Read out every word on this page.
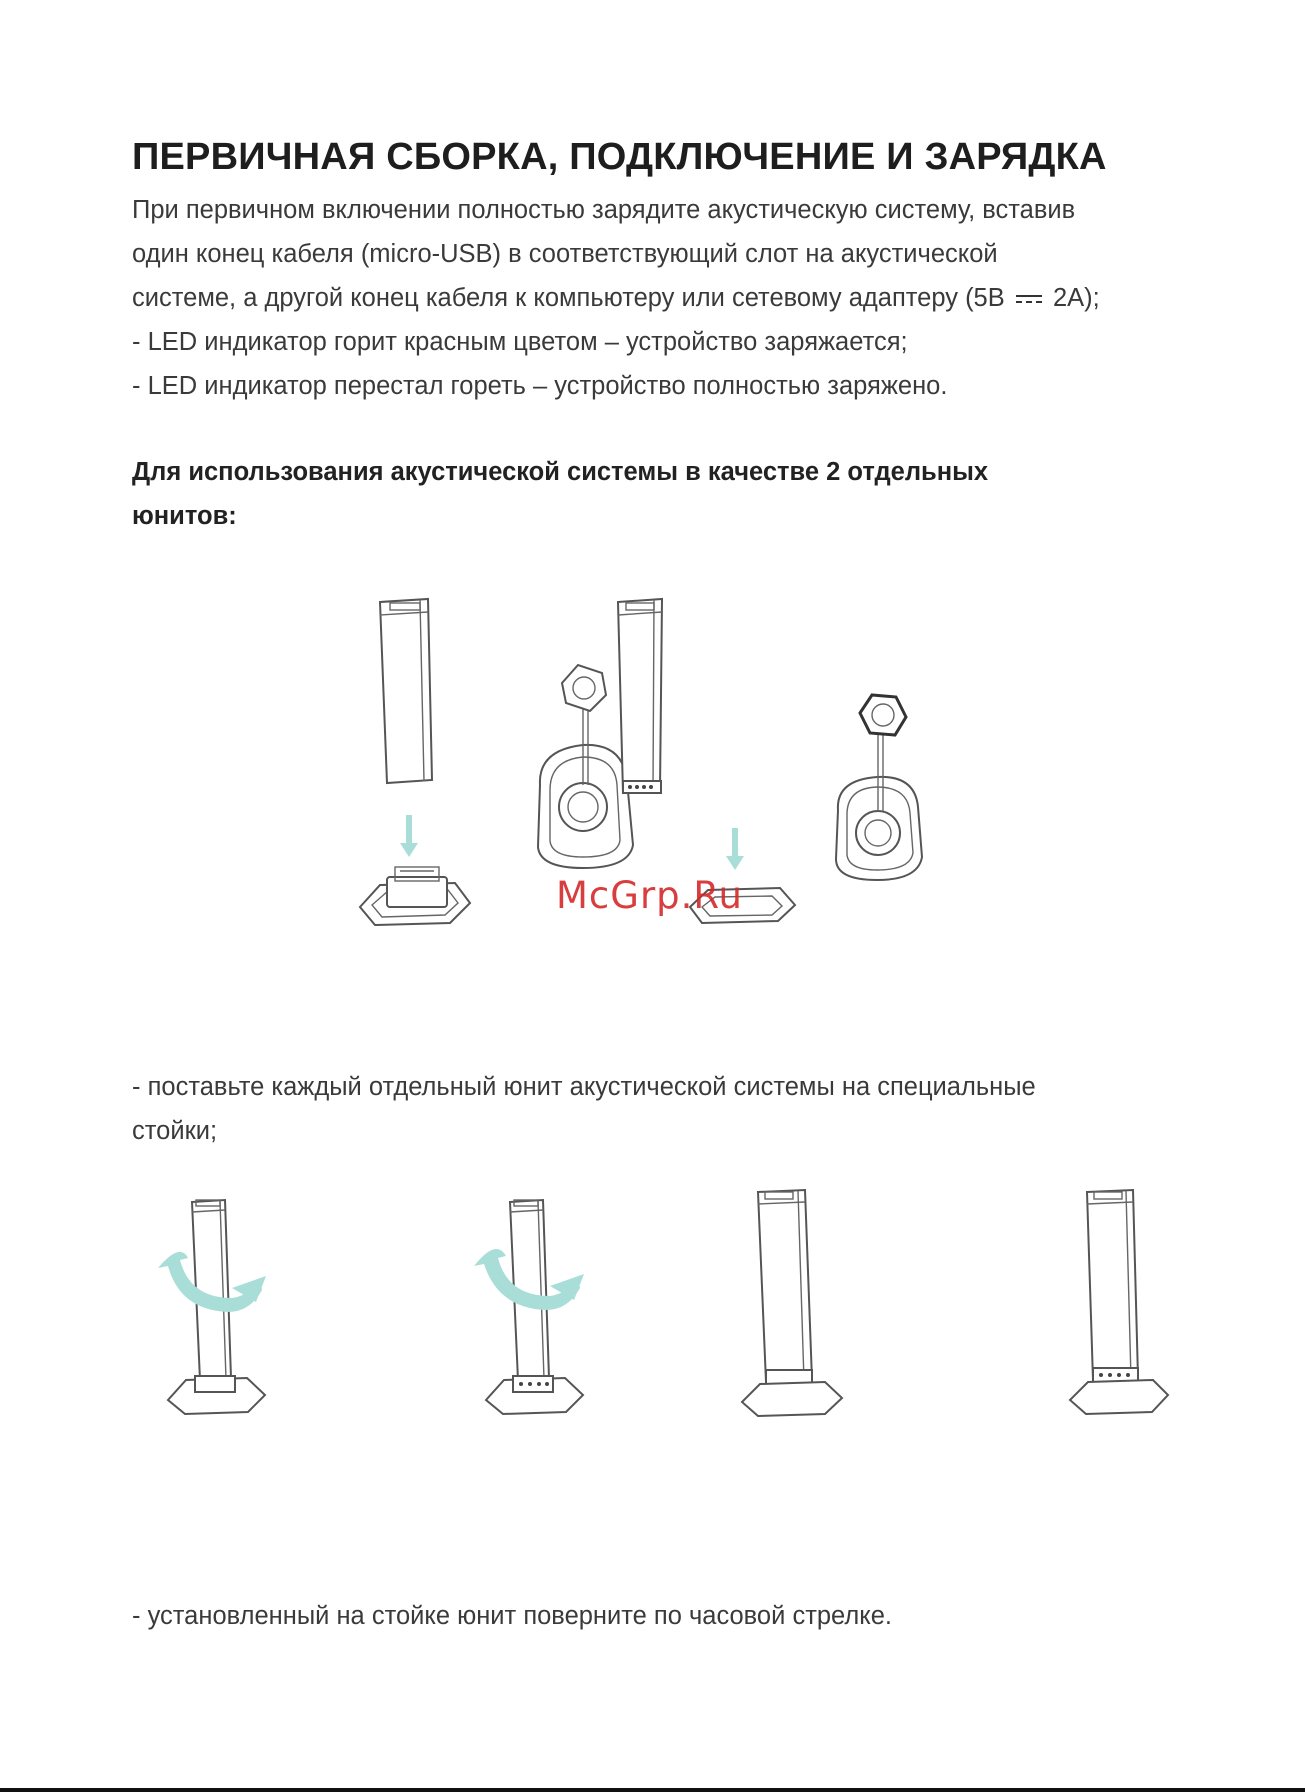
ПЕРВИЧНАЯ СБОРКА, ПОДКЛЮЧЕНИЕ И ЗАРЯДКА

При первичном включении полностью зарядите акустическую систему, вставив

один конец кабеля (micro-USB) в соответствующий слот на акустической

системе, а другой конец кабеля к компьютеру или сетевому адаптеру (5В 2А);

- LED индикатор горит красным цветом – устройство заряжается;

- LED индикатор перестал гореть – устройство полностью заряжено.

Для использования акустической системы в качестве 2 отдельных

юнитов:

McGrp.Ru

- поставьте каждый отдельный юнит акустической системы на специальные

стойки;

- установленный на стойке юнит поверните по часовой стрелке.
